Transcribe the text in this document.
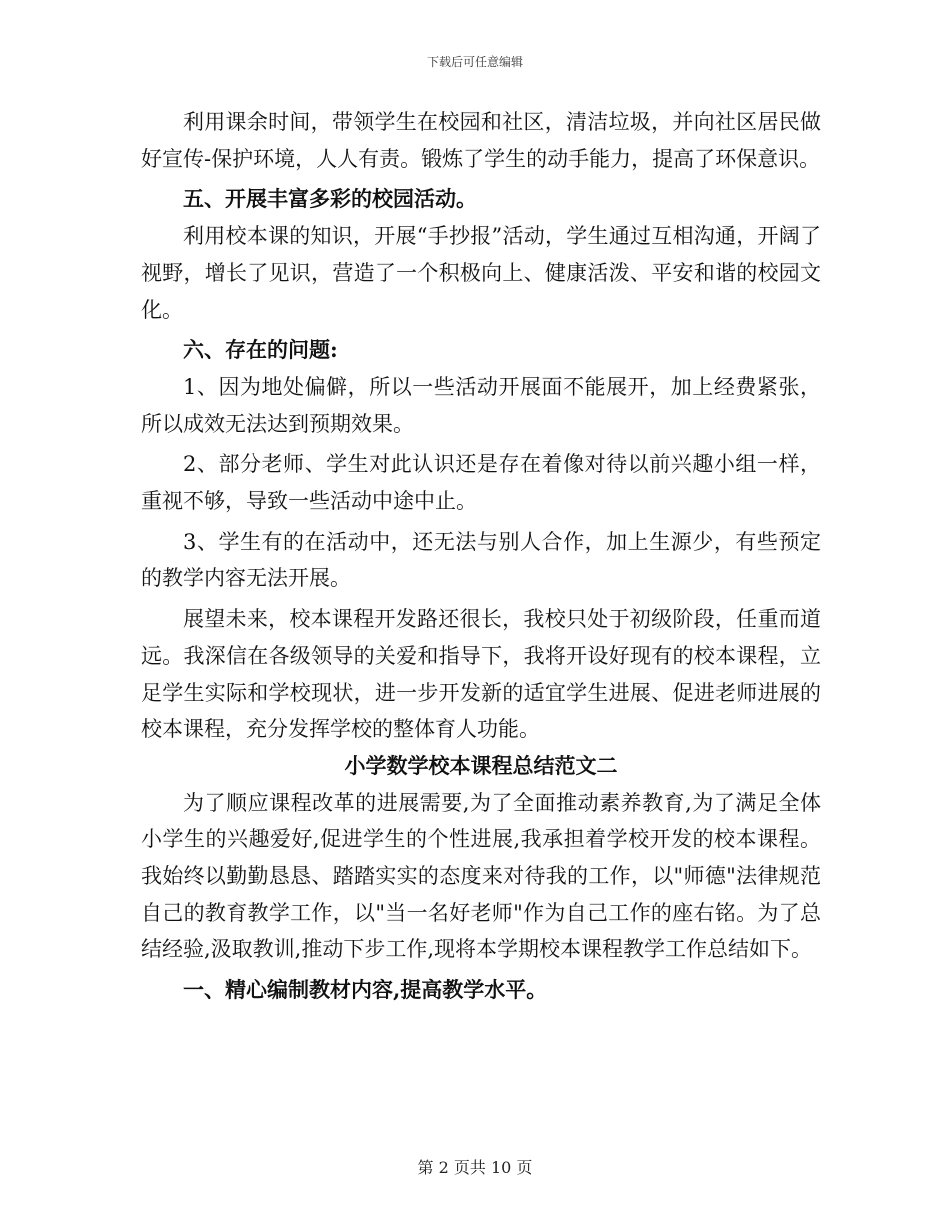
下载后可任意编辑

利用课余时间，带领学生在校园和社区，清洁垃圾，并向社区居民做好宣传-保护环境，人人有责。锻炼了学生的动手能力，提高了环保意识。

五、开展丰富多彩的校园活动。

利用校本课的知识，开展“手抄报”活动，学生通过互相沟通，开阔了视野，增长了见识，营造了一个积极向上、健康活泼、平安和谐的校园文化。

六、存在的问题:

1、因为地处偏僻，所以一些活动开展面不能展开，加上经费紧张，所以成效无法达到预期效果。

2、部分老师、学生对此认识还是存在着像对待以前兴趣小组一样，重视不够，导致一些活动中途中止。

3、学生有的在活动中，还无法与别人合作，加上生源少，有些预定的教学内容无法开展。

展望未来，校本课程开发路还很长，我校只处于初级阶段，任重而道远。我深信在各级领导的关爱和指导下，我将开设好现有的校本课程，立足学生实际和学校现状，进一步开发新的适宜学生进展、促进老师进展的校本课程，充分发挥学校的整体育人功能。

小学数学校本课程总结范文二

为了顺应课程改革的进展需要,为了全面推动素养教育,为了满足全体小学生的兴趣爱好,促进学生的个性进展,我承担着学校开发的校本课程。我始终以勤勤恳恳、踏踏实实的态度来对待我的工作，以"师德"法律规范自己的教育教学工作，以"当一名好老师"作为自己工作的座右铭。为了总结经验,汲取教训,推动下步工作,现将本学期校本课程教学工作总结如下。

一、精心编制教材内容,提高教学水平。

第 2 页共 10 页
